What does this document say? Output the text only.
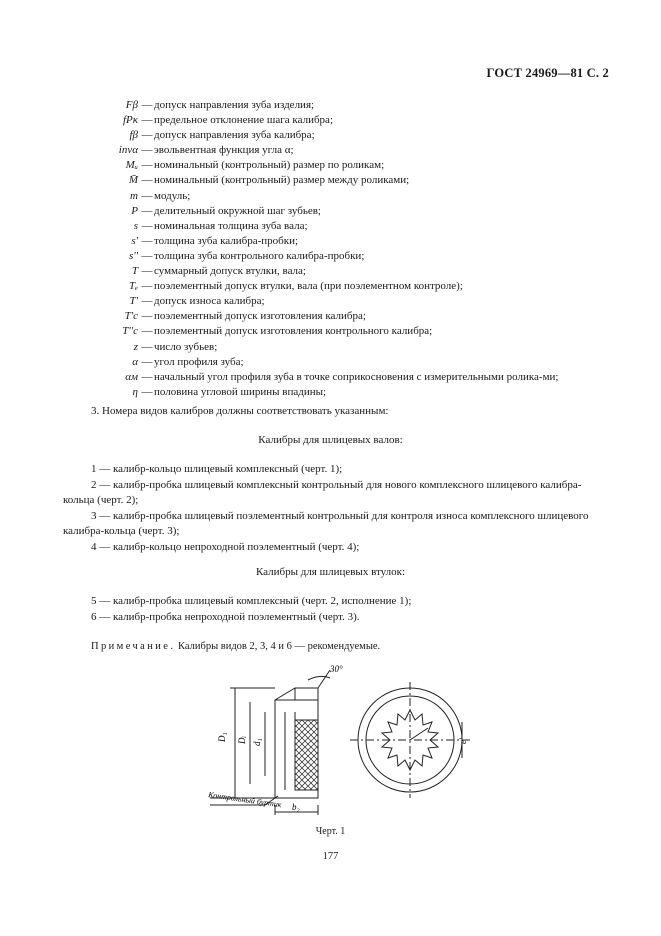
ГОСТ 24969—81 С. 2
Fβ — допуск направления зуба изделия;
fPκ — предельное отклонение шага калибра;
fβ — допуск направления зуба калибра;
invα — эвольвентная функция угла α;
Mᵤ — номинальный (контрольный) размер по роликам;
M̄ — номинальный (контрольный) размер между роликами;
m — модуль;
P — делительный окружной шаг зубьев;
s — номинальная толщина зуба вала;
s' — толщина зуба калибра-пробки;
s'' — толщина зуба контрольного калибра-пробки;
T — суммарный допуск втулки, вала;
Tₑ — поэлементный допуск втулки, вала (при поэлементном контроле);
T' — допуск износа калибра;
T'c — поэлементный допуск изготовления калибра;
T''c — поэлементный допуск изготовления контрольного калибра;
z — число зубьев;
α — угол профиля зуба;
αм — начальный угол профиля зуба в точке соприкосновения с измерительными ролика-ми;
η — половина угловой ширины впадины;
3. Номера видов калибров должны соответствовать указанным:
Калибры для шлицевых валов:
1 — калибр-кольцо шлицевый комплексный (черт. 1);
2 — калибр-пробка шлицевый комплексный контрольный для нового комплексного шлицевого калибра-кольца (черт. 2);
3 — калибр-пробка шлицевый поэлементный контрольный для контроля износа комплексного шлицевого калибра-кольца (черт. 3);
4 — калибр-кольцо непроходной поэлементный (черт. 4);
Калибры для шлицевых втулок:
5 — калибр-пробка шлицевый комплексный (черт. 2, исполнение 1);
6 — калибр-пробка непроходной поэлементный (черт. 3).
Примечание. Калибры видов 2, 3, 4 и 6 — рекомендуемые.
30°
D₁ Dᵢ d₁
b₂
e'
Контрольный буртик
Черт. 1
177
